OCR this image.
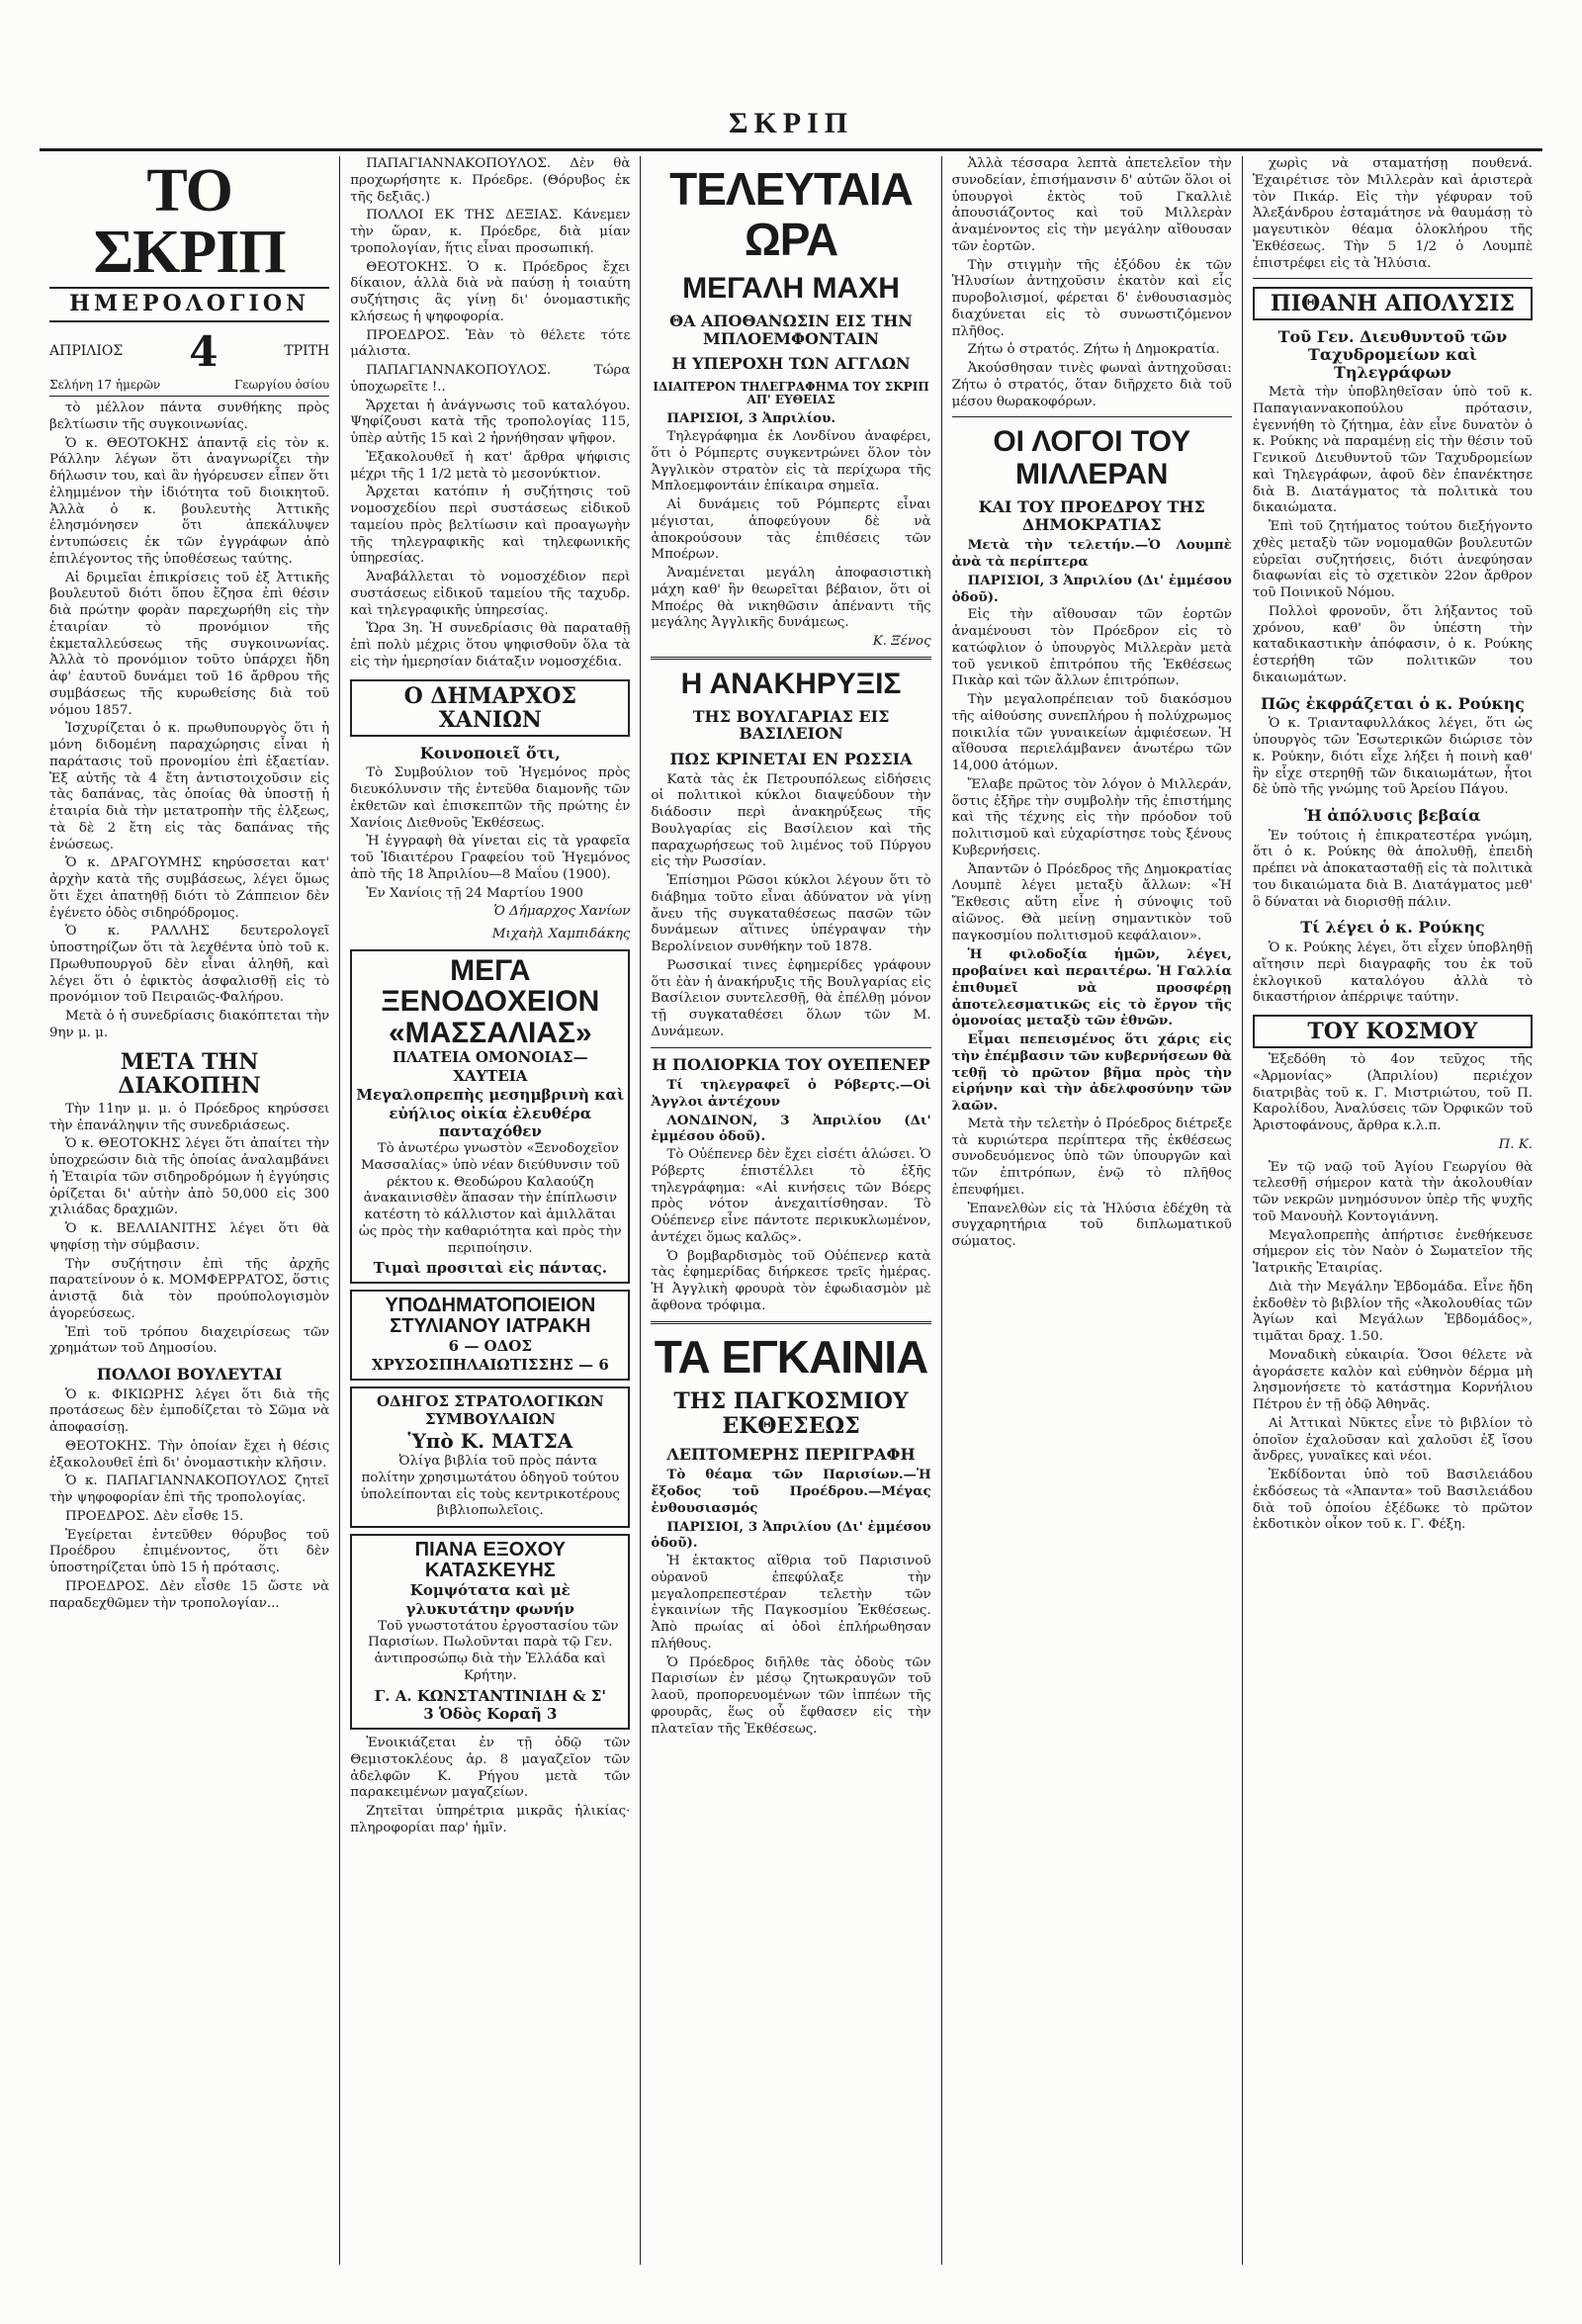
ΣΚΡΙΠ
ΤΟ ΣΚΡΙΠ
ΗΜΕΡΟΛΟΓΙΟΝ
ΑΠΡΙΛΙΟΣ 4	ΤΡΙΤΗ
Σελήνη 17 ἡμερῶν	Γεωργίου ὁσίου

τὸ μέλλον πάντα συνθήκης πρὸς βελτίωσιν τῆς συγκοινωνίας.

Ὁ κ. ΘΕΟΤΟΚΗΣ ἀπαντᾷ εἰς τὸν κ. Ράλλην λέγων ὅτι ἀναγνωρίζει τὴν δήλωσιν του, καὶ ἂν ἠγόρευσεν εἶπεν ὅτι ἐλημμένον τὴν ἰδιότητα τοῦ διοικητοῦ. Ἀλλὰ ὁ κ. βουλευτὴς Ἀττικῆς ἐλησμόνησεν ὅτι ἀπεκάλυψεν ἐντυπώσεις ἐκ τῶν ἐγγράφων ἀπὸ ἐπιλέγοντος τῆς ὑποθέσεως ταύτης.

Αἱ δριμεῖαι ἐπικρίσεις τοῦ ἐξ Ἀττικῆς βουλευτοῦ διότι ὅπου ἔζησα ἐπὶ θέσιν διὰ πρώτην φορὰν παρεχωρήθη εἰς τὴν ἑταιρίαν τὸ προνόμιον τῆς ἐκμεταλλεύσεως τῆς συγκοινωνίας. Ἀλλὰ τὸ προνόμιον τοῦτο ὑπάρχει ἤδη ἀφ' ἑαυτοῦ δυνάμει τοῦ 16 ἄρθρου τῆς συμβάσεως τῆς κυρωθείσης διὰ τοῦ νόμου 1857.

Ἰσχυρίζεται ὁ κ. πρωθυπουργὸς ὅτι ἡ μόνη διδομένη παραχώρησις εἶναι ἡ παράτασις τοῦ προνομίου ἐπὶ ἑξαετίαν. Ἐξ αὐτῆς τὰ 4 ἔτη ἀντιστοιχοῦσιν εἰς τὰς δαπάνας, τὰς ὁποίας θὰ ὑποστῇ ἡ ἑταιρία διὰ τὴν μετατροπὴν τῆς ἐλξεως, τὰ δὲ 2 ἔτη εἰς τὰς δαπάνας τῆς ἐνώσεως.

Ὁ κ. ΔΡΑΓΟΥΜΗΣ κηρύσσεται κατ' ἀρχὴν κατὰ τῆς συμβάσεως, λέγει ὅμως ὅτι ἔχει ἀπατηθῇ διότι τὸ Ζάππειον δὲν ἐγένετο ὁδὸς σιδηρόδρομος.

Ὁ κ. ΡΑΛΛΗΣ δευτερολογεῖ ὑποστηρίζων ὅτι τὰ λεχθέντα ὑπὸ τοῦ κ. Πρωθυπουργοῦ δὲν εἶναι ἀληθῆ, καὶ λέγει ὅτι ὁ ἐφικτὸς ἀσφαλισθῇ εἰς τὸ προνόμιον τοῦ Πειραιῶς-Φαλήρου.

Μετὰ ὁ ἡ συνεδρίασις διακόπτεται τὴν 9ην μ. μ.

ΜΕΤΑ ΤΗΝ ΔΙΑΚΟΠΗΝ

Τὴν 11ην μ. μ. ὁ Πρόεδρος κηρύσσει τὴν ἐπανάληψιν τῆς συνεδριάσεως.

Ὁ κ. ΘΕΟΤΟΚΗΣ λέγει ὅτι ἀπαίτει τὴν ὑποχρεώσιν διὰ τῆς ὁποίας ἀναλαμβάνει ἡ Ἑταιρία τῶν σιδηροδρόμων ἡ ἐγγύησις ὀρίζεται δι' αὐτὴν ἀπὸ 50,000 εἰς 300 χιλιάδας δραχμῶν.

Ὁ κ. ΒΕΛΛΙΑΝΙΤΗΣ λέγει ὅτι θὰ ψηφίσῃ τὴν σύμβασιν.

Τὴν συζήτησιν ἐπὶ τῆς ἀρχῆς παρατείνουν ὁ κ. ΜΟΜΦΕΡΡΑΤΟΣ, ὅστις ἀνιστᾷ διὰ τὸν προύπολογισμὸν ἀγορεύσεως.

Ἐπὶ τοῦ τρόπου διαχειρίσεως τῶν χρημάτων τοῦ Δημοσίου.

ΠΟΛΛΟΙ ΒΟΥΛΕΥΤΑΙ

Ὁ κ. ΦΙΚΙΩΡΗΣ λέγει ὅτι διὰ τῆς προτάσεως δὲν ἐμποδίζεται τὸ Σῶμα νὰ ἀποφασίσῃ.

ΘΕΟΤΟΚΗΣ. Τὴν ὁποίαν ἔχει ἡ θέσις ἐξακολουθεῖ ἐπὶ δι' ὀνομαστικὴν κλῆσιν.

Ὁ κ. ΠΑΠΑΓΙΑΝΝΑΚΟΠΟΥΛΟΣ ζητεῖ τὴν ψηφοφορίαν ἐπὶ τῆς τροπολογίας.

ΠΡΟΕΔΡΟΣ. Δὲν εἶσθε 15.

Ἐγείρεται ἐντεῦθεν θόρυβος τοῦ Προέδρου ἐπιμένοντος, ὅτι δὲν ὑποστηρίζεται ὑπὸ 15 ἡ πρότασις.

ΠΡΟΕΔΡΟΣ. Δὲν εἶσθε 15 ὥστε νὰ παραδεχθῶμεν τὴν τροπολογίαν...

ΠΑΠΑΓΙΑΝΝΑΚΟΠΟΥΛΟΣ. Δὲν θὰ προχωρήσητε κ. Πρόεδρε. (Θόρυβος ἐκ τῆς δεξιᾶς.)

ΠΟΛΛΟΙ ΕΚ ΤΗΣ ΔΕΞΙΑΣ. Κάνεμεν τὴν ὥραν, κ. Πρόεδρε, διὰ μίαν τροπολογίαν, ἥτις εἶναι προσωπική.

ΘΕΟΤΟΚΗΣ. Ὁ κ. Πρόεδρος ἔχει δίκαιον, ἀλλὰ διὰ νὰ παύσῃ ἡ τοιαύτη συζήτησις ἂς γίνῃ δι' ὀνομαστικῆς κλήσεως ἡ ψηφοφορία.

ΠΡΟΕΔΡΟΣ. Ἐὰν τὸ θέλετε τότε μάλιστα.

ΠΑΠΑΓΙΑΝΝΑΚΟΠΟΥΛΟΣ. Τώρα ὑποχωρεῖτε !..

Ἄρχεται ἡ ἀνάγνωσις τοῦ καταλόγου. Ψηφίζουσι κατὰ τῆς τροπολογίας 115, ὑπὲρ αὐτῆς 15 καὶ 2 ἠρνήθησαν ψῆφον.

Ἐξακολουθεῖ ἡ κατ' ἄρθρα ψήφισις μέχρι τῆς 1 1/2 μετὰ τὸ μεσονύκτιον.

Ἀρχεται κατόπιν ἡ συζήτησις τοῦ νομοσχεδίου περὶ συστάσεως εἰδικοῦ ταμείου πρὸς βελτίωσιν καὶ προαγωγὴν τῆς τηλεγραφικῆς καὶ τηλεφωνικῆς ὑπηρεσίας.

Ἀναβάλλεται τὸ νομοσχέδιον περὶ συστάσεως εἰδικοῦ ταμείου τῆς ταχυδρ. καὶ τηλεγραφικῆς ὑπηρεσίας.

Ὥρα 3η. Ἡ συνεδρίασις θὰ παραταθῇ ἐπὶ πολὺ μέχρις ὅτου ψηφισθοῦν ὅλα τὰ εἰς τὴν ἡμερησίαν διάταξιν νομοσχέδια.

Ο ΔΗΜΑΡΧΟΣ ΧΑΝΙΩΝ
Κοινοποιεῖ ὅτι,

Τὸ Συμβούλιον τοῦ Ἡγεμόνος πρὸς διευκόλυνσιν τῆς ἐντεῦθα διαμονῆς τῶν ἐκθετῶν καὶ ἐπισκεπτῶν τῆς πρώτης ἐν Χανίοις Διεθνοῦς Ἐκθέσεως.

Ἡ ἐγγραφὴ θὰ γίνεται εἰς τὰ γραφεῖα τοῦ Ἰδιαιτέρου Γραφείου τοῦ Ἡγεμόνος ἀπὸ τῆς 18 Ἀπριλίου—8 Μαΐου (1900).

Ἐν Χανίοις τῇ 24 Μαρτίου 1900

Ὁ Δήμαρχος Χανίων
Μιχαὴλ Χαμπιδάκης
ΜΕΓΑ ΞΕΝΟΔΟΧΕΙΟΝ «ΜΑΣΣΑΛΙΑΣ»
ΠΛΑΤΕΙΑ ΟΜΟΝΟΙΑΣ—ΧΑΥΤΕΙΑ
Μεγαλοπρεπὴς μεσημβρινὴ καὶ εὐήλιος οἰκία ἐλευθέρα πανταχόθεν

Τὸ ἀνωτέρω γνωστὸν «Ξενοδοχεῖον Μασσαλίας» ὑπὸ νέαν διεύθυνσιν τοῦ ρέκτου κ. Θεοδώρου Καλαούζη ἀνακαινισθὲν ἅπασαν τὴν ἐπίπλωσιν κατέστη τὸ κάλλιστον καὶ ἀμιλλᾶται ὡς πρὸς τὴν καθαριότητα καὶ πρὸς τὴν περιποίησιν.

Τιμαὶ προσιταὶ εἰς πάντας.
ΥΠΟΔΗΜΑΤΟΠΟΙΕΙΟΝ ΣΤΥΛΙΑΝΟΥ ΙΑΤΡΑΚΗ
6 — ΟΔΟΣ ΧΡΥΣΟΣΠΗΛΑΙΩΤΙΣΣΗΣ — 6
ΟΔΗΓΟΣ ΣΤΡΑΤΟΛΟΓΙΚΩΝ ΣΥΜΒΟΥΛΑΙΩΝ
Ὑπὸ Κ. ΜΑΤΣΑ

Ὀλίγα βιβλία τοῦ πρὸς πάντα πολίτην χρησιμωτάτου ὁδηγοῦ τούτου ὑπολείπονται εἰς τοὺς κεντρικοτέρους βιβλιοπωλεῖοις.

ΠΙΑΝΑ ΕΞΟΧΟΥ ΚΑΤΑΣΚΕΥΗΣ
Κομψότατα καὶ μὲ γλυκυτάτην φωνήν

Τοῦ γνωστοτάτου ἐργοστασίου τῶν Παρισίων. Πωλοῦνται παρὰ τῷ Γεν. ἀντιπροσώπῳ διὰ τὴν Ἑλλάδα καὶ Κρήτην.

Γ. Α. ΚΩΝΣΤΑΝΤΙΝΙΔΗ & Σ'
3 Ὁδὸς Κοραῆ 3

Ἐνοικιάζεται ἐν τῇ ὁδῷ τῶν Θεμιστοκλέους ἀρ. 8 μαγαζεῖον τῶν ἀδελφῶν Κ. Ρήγου μετὰ τῶν παρακειμένων μαγαζείων.

Ζητεῖται ὑπηρέτρια μικρᾶς ἡλικίας· πληροφορίαι παρ' ἡμῖν.

ΤΕΛΕΥΤΑΙΑ ΩΡΑ
ΜΕΓΑΛΗ ΜΑΧΗ
ΘΑ ΑΠΟΘΑΝΩΣΙΝ ΕΙΣ ΤΗΝ ΜΠΛΟΕΜΦΟΝΤΑΙΝ
Η ΥΠΕΡΟΧΗ ΤΩΝ ΑΓΓΛΩΝ
ΙΔΙΑΙΤΕΡΟΝ ΤΗΛΕΓΡΑΦΗΜΑ ΤΟΥ ΣΚΡΙΠ ΑΠ' ΕΥΘΕΙΑΣ

ΠΑΡΙΣΙΟΙ, 3 Ἀπριλίου.

Τηλεγράφημα ἐκ Λονδίνου ἀναφέρει, ὅτι ὁ Ρόμπερτς συγκεντρώνει ὅλον τὸν Ἀγγλικὸν στρατὸν εἰς τὰ περίχωρα τῆς Μπλοεμφοντάιν ἐπίκαιρα σημεῖα.

Αἱ δυνάμεις τοῦ Ρόμπερτς εἶναι μέγισται, ἀποφεύγουν δὲ νὰ ἀποκρούσουν τὰς ἐπιθέσεις τῶν Μποέρων.

Ἀναμένεται μεγάλη ἀποφασιστικὴ μάχη καθ' ἣν θεωρεῖται βέβαιον, ὅτι οἱ Μποέρς θὰ νικηθῶσιν ἀπέναντι τῆς μεγάλης Ἀγγλικῆς δυνάμεως.

Κ. Ξένος
Η ΑΝΑΚΗΡΥΞΙΣ
ΤΗΣ ΒΟΥΛΓΑΡΙΑΣ ΕΙΣ ΒΑΣΙΛΕΙΟΝ
ΠΩΣ ΚΡΙΝΕΤΑΙ ΕΝ ΡΩΣΣΙΑ

Κατὰ τὰς ἐκ Πετρουπόλεως εἰδήσεις οἱ πολιτικοὶ κύκλοι διαψεύδουν τὴν διάδοσιν περὶ ἀνακηρύξεως τῆς Βουλγαρίας εἰς Βασίλειον καὶ τῆς παραχωρήσεως τοῦ λιμένος τοῦ Πύργου εἰς τὴν Ρωσσίαν.

Ἐπίσημοι Ρῶσοι κύκλοι λέγουν ὅτι τὸ διάβημα τοῦτο εἶναι ἀδύνατον νὰ γίνῃ ἄνευ τῆς συγκαταθέσεως πασῶν τῶν δυνάμεων αἵτινες ὑπέγραψαν τὴν Βερολίνειον συνθήκην τοῦ 1878.

Ρωσσικαί τινες ἐφημερίδες γράφουν ὅτι ἐὰν ἡ ἀνακήρυξις τῆς Βουλγαρίας εἰς Βασίλειον συντελεσθῇ, θὰ ἐπέλθῃ μόνον τῇ συγκαταθέσει ὅλων τῶν Μ. Δυνάμεων.

Η ΠΟΛΙΟΡΚΙΑ ΤΟΥ ΟΥΕΠΕΝΕΡ

Τί τηλεγραφεῖ ὁ Ρόβερτς.—Οἱ Ἀγγλοι ἀντέχουν

ΛΟΝΔΙΝΟΝ, 3 Ἀπριλίου (Δι' ἐμμέσου ὁδοῦ).

Τὸ Οὐέπενερ δὲν ἔχει εἰσέτι ἁλώσει. Ὁ Ρόβερτς ἐπιστέλλει τὸ ἑξῆς τηλεγράφημα: «Αἱ κινήσεις τῶν Βόερς πρὸς νότον ἀνεχαιτίσθησαν. Τὸ Οὐέπενερ εἶνε πάντοτε περικυκλωμένον, ἀντέχει ὅμως καλῶς».

Ὁ βομβαρδισμὸς τοῦ Οὐέπενερ κατὰ τὰς ἐφημερίδας διήρκεσε τρεῖς ἡμέρας. Ἡ Ἀγγλικὴ φρουρὰ τὸν ἐφωδιασμὸν μὲ ἄφθονα τρόφιμα.

ΤΑ ΕΓΚΑΙΝΙΑ
ΤΗΣ ΠΑΓΚΟΣΜΙΟΥ ΕΚΘΕΣΕΩΣ
ΛΕΠΤΟΜΕΡΗΣ ΠΕΡΙΓΡΑΦΗ

Τὸ θέαμα τῶν Παρισίων.—Ἡ ἔξοδος τοῦ Προέδρου.—Μέγας ἐνθουσιασμός

ΠΑΡΙΣΙΟΙ, 3 Ἀπριλίου (Δι' ἐμμέσου ὁδοῦ).

Ἡ ἑκτακτος αἴθρια τοῦ Παρισινοῦ οὐρανοῦ ἐπεφύλαξε τὴν μεγαλοπρεπεστέραν τελετὴν τῶν ἐγκαινίων τῆς Παγκοσμίου Ἐκθέσεως. Ἀπὸ πρωίας αἱ ὁδοὶ ἐπλήρωθησαν πλήθους.

Ὁ Πρόεδρος διῆλθε τὰς ὁδοὺς τῶν Παρισίων ἐν μέσῳ ζητωκραυγῶν τοῦ λαοῦ, προπορευομένων τῶν ἰππέων τῆς φρουρᾶς, ἕως οὗ ἔφθασεν εἰς τὴν πλατεῖαν τῆς Ἐκθέσεως.

Ἀλλὰ τέσσαρα λεπτὰ ἀπετελεῖον τὴν συνοδείαν, ἐπισήμανσιν δ' αὐτῶν ὅλοι οἱ ὑπουργοὶ ἐκτὸς τοῦ Γκαλλιὲ ἀπουσιάζοντος καὶ τοῦ Μιλλερὰν ἀναμένοντος εἰς τὴν μεγάλην αἴθουσαν τῶν ἑορτῶν.

Τὴν στιγμὴν τῆς ἐξόδου ἐκ τῶν Ἠλυσίων ἀντηχοῦσιν ἑκατὸν καὶ εἷς πυροβολισμοί, φέρεται δ' ἐνθουσιασμὸς διαχύνεται εἰς τὸ συνωστιζόμενον πλῆθος.

Ζήτω ὁ στρατός. Ζήτω ἡ Δημοκρατία.

Ἀκούσθησαν τινὲς φωναὶ ἀντηχοῦσαι: Ζήτω ὁ στρατός, ὅταν διῆρχετο διὰ τοῦ μέσου θωρακοφόρων.

ΟΙ ΛΟΓΟΙ ΤΟΥ ΜΙΛΛΕΡΑΝ
ΚΑΙ ΤΟΥ ΠΡΟΕΔΡΟΥ ΤΗΣ ΔΗΜΟΚΡΑΤΙΑΣ

Μετὰ τὴν τελετήν.—Ὁ Λουμπὲ ἀνὰ τὰ περίπτερα

ΠΑΡΙΣΙΟΙ, 3 Ἀπριλίου (Δι' ἐμμέσου ὁδοῦ).

Εἰς τὴν αἴθουσαν τῶν ἑορτῶν ἀναμένουσι τὸν Πρόεδρον εἰς τὸ κατώφλιον ὁ ὑπουργὸς Μιλλερὰν μετὰ τοῦ γενικοῦ ἐπιτρόπου τῆς Ἐκθέσεως Πικὰρ καὶ τῶν ἄλλων ἐπιτρόπων.

Τὴν μεγαλοπρέπειαν τοῦ διακόσμου τῆς αἰθούσης συνεπλήρου ἡ πολύχρωμος ποικιλία τῶν γυναικείων ἀμφιέσεων. Ἡ αἴθουσα περιελάμβανεν ἀνωτέρω τῶν 14,000 ἀτόμων.

Ἔλαβε πρῶτος τὸν λόγον ὁ Μιλλεράν, ὅστις ἐξῆρε τὴν συμβολὴν τῆς ἐπιστήμης καὶ τῆς τέχνης εἰς τὴν πρόοδον τοῦ πολιτισμοῦ καὶ εὐχαρίστησε τοὺς ξένους Κυβερνήσεις.

Ἀπαντῶν ὁ Πρόεδρος τῆς Δημοκρατίας Λουμπὲ λέγει μεταξὺ ἄλλων: «Ἡ Ἔκθεσις αὕτη εἶνε ἡ σύνοψις τοῦ αἰῶνος. Θὰ μείνῃ σημαντικὸν τοῦ παγκοσμίου πολιτισμοῦ κεφάλαιον».

Ἡ φιλοδοξία ἡμῶν, λέγει, προβαίνει καὶ περαιτέρω. Ἡ Γαλλία ἐπιθυμεῖ νὰ προσφέρῃ ἀποτελεσματικῶς εἰς τὸ ἔργον τῆς ὁμονοίας μεταξὺ τῶν ἐθνῶν.

Εἶμαι πεπεισμένος ὅτι χάρις εἰς τὴν ἐπέμβασιν τῶν κυβερνήσεων θὰ τεθῇ τὸ πρῶτον βῆμα πρὸς τὴν εἰρήνην καὶ τὴν ἀδελφοσύνην τῶν λαῶν.

Μετὰ τὴν τελετὴν ὁ Πρόεδρος διέτρεξε τὰ κυριώτερα περίπτερα τῆς ἐκθέσεως συνοδευόμενος ὑπὸ τῶν ὑπουργῶν καὶ τῶν ἐπιτρόπων, ἐνῷ τὸ πλῆθος ἐπευφήμει.

Ἐπανελθὼν εἰς τὰ Ἠλύσια ἐδέχθη τὰ συγχαρητήρια τοῦ διπλωματικοῦ σώματος.

χωρὶς νὰ σταματήσῃ πουθενά. Ἐχαιρέτισε τὸν Μιλλερὰν καὶ ἀριστερὰ τὸν Πικάρ. Εἰς τὴν γέφυραν τοῦ Ἀλεξάνδρου ἐσταμάτησε νὰ θαυμάσῃ τὸ μαγευτικὸν θέαμα ὁλοκλήρου τῆς Ἐκθέσεως. Τὴν 5 1/2 ὁ Λουμπὲ ἐπιστρέφει εἰς τὰ Ἠλύσια.

ΠΙΘΑΝΗ ΑΠΟΛΥΣΙΣ
Τοῦ Γεν. Διευθυντοῦ τῶν Ταχυδρομείων καὶ Τηλεγράφων

Μετὰ τὴν ὑποβληθεῖσαν ὑπὸ τοῦ κ. Παπαγιαννακοπούλου πρότασιν, ἐγεννήθη τὸ ζήτημα, ἐὰν εἶνε δυνατὸν ὁ κ. Ρούκης νὰ παραμένῃ εἰς τὴν θέσιν τοῦ Γενικοῦ Διευθυντοῦ τῶν Ταχυδρομείων καὶ Τηλεγράφων, ἀφοῦ δὲν ἐπανέκτησε διὰ Β. Διατάγματος τὰ πολιτικὰ του δικαιώματα.

Ἐπὶ τοῦ ζητήματος τούτου διεξήγοντο χθὲς μεταξὺ τῶν νομομαθῶν βουλευτῶν εὐρεῖαι συζητήσεις, διότι ἀνεφύησαν διαφωνίαι εἰς τὸ σχετικὸν 22ον ἄρθρον τοῦ Ποινικοῦ Νόμου.

Πολλοὶ φρονοῦν, ὅτι λήξαντος τοῦ χρόνου, καθ' ὃν ὑπέστη τὴν καταδικαστικὴν ἀπόφασιν, ὁ κ. Ρούκης ἐστερήθη τῶν πολιτικῶν του δικαιωμάτων.

Πῶς ἐκφράζεται ὁ κ. Ρούκης

Ὁ κ. Τριανταφυλλάκος λέγει, ὅτι ὡς ὑπουργὸς τῶν Ἐσωτερικῶν διώρισε τὸν κ. Ρούκην, διότι εἶχε λήξει ἡ ποινὴ καθ' ἣν εἶχε στερηθῇ τῶν δικαιωμάτων, ἦτοι δὲ ὑπὸ τῆς γνώμης τοῦ Ἀρείου Πάγου.

Ἡ ἀπόλυσις βεβαία

Ἐν τούτοις ἡ ἐπικρατεστέρα γνώμη, ὅτι ὁ κ. Ρούκης θὰ ἀπολυθῇ, ἐπειδὴ πρέπει νὰ ἀποκατασταθῇ εἰς τὰ πολιτικὰ του δικαιώματα διὰ Β. Διατάγματος μεθ' ὃ δύναται νὰ διορισθῇ πάλιν.

Τί λέγει ὁ κ. Ρούκης

Ὁ κ. Ρούκης λέγει, ὅτι εἶχεν ὑποβληθῇ αἴτησιν περὶ διαγραφῆς του ἐκ τοῦ ἐκλογικοῦ καταλόγου ἀλλὰ τὸ δικαστήριον ἀπέρριψε ταύτην.

ΤΟΥ ΚΟΣΜΟΥ

Ἐξεδόθη τὸ 4ον τεῦχος τῆς «Ἀρμονίας» (Ἀπριλίου) περιέχον διατριβὰς τοῦ κ. Γ. Μιστριώτου, τοῦ Π. Καρολίδου, Ἀναλύσεις τῶν Ὀρφικῶν τοῦ Ἀριστοφάνους, ἄρθρα κ.λ.π.

Π. Κ.

Ἐν τῷ ναῷ τοῦ Ἁγίου Γεωργίου θὰ τελεσθῇ σήμερον κατὰ τὴν ἀκολουθίαν τῶν νεκρῶν μνημόσυνον ὑπὲρ τῆς ψυχῆς τοῦ Μανουὴλ Κοντογιάννη.

Μεγαλοπρεπὴς ἀπήρτισε ἐνεθήκευσε σήμερον εἰς τὸν Ναὸν ὁ Σωματεῖον τῆς Ἰατρικῆς Ἑταιρίας.

Διὰ τὴν Μεγάλην Ἑβδομάδα. Εἶνε ἤδη ἐκδοθὲν τὸ βιβλίον τῆς «Ἀκολουθίας τῶν Ἁγίων καὶ Μεγάλων Ἑβδομάδος», τιμᾶται δραχ. 1.50.

Μοναδικὴ εὐκαιρία. Ὅσοι θέλετε νὰ ἀγοράσετε καλὸν καὶ εὐθηνὸν δέρμα μὴ λησμονήσετε τὸ κατάστημα Κορνήλιου Πέτρου ἐν τῇ ὁδῷ Ἀθηνᾶς.

Αἱ Ἀττικαὶ Νῦκτες εἶνε τὸ βιβλίον τὸ ὁποῖον ἐχαλοῦσαν καὶ χαλοῦσι ἐξ ἴσου ἄνδρες, γυναῖκες καὶ νέοι.

Ἐκδίδονται ὑπὸ τοῦ Βασιλειάδου ἐκδόσεως τὰ «Ἁπαντα» τοῦ Βασιλειάδου διὰ τοῦ ὁποίου ἐξέδωκε τὸ πρῶτον ἐκδοτικὸν οἶκον τοῦ κ. Γ. Φέξη.
